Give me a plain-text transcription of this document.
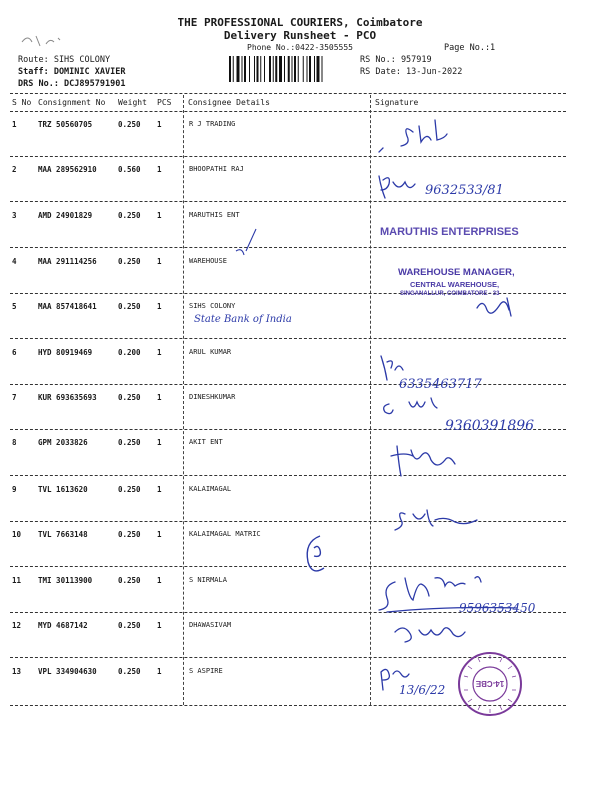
THE PROFESSIONAL COURIERS, Coimbatore
Delivery Runsheet - PCO
Phone No.:0422-3505555	Page No.:1
Route: SIHS COLONY
Staff: DOMINIC XAVIER
DRS No.: DCJ895791901
RS No.: 957919
RS Date: 13-Jun-2022
S No Consignment No Weight PCS Consignee Details	Signature
1	TRZ 50560705	0.250 1	R J TRADING
2	MAA 289562910	0.560 1	BHOOPATHI RAJ
3	AMD 24901829	0.250 1	MARUTHIS ENT
4	MAA 291114256	0.250 1	WAREHOUSE
5	MAA 857418641	0.250 1	SIHS COLONY
6	HYD 80919469	0.200 1	ARUL KUMAR
7	KUR 693635693	0.250 1	DINESHKUMAR
8	GPM 2033826	0.250 1	AKIT ENT
9	TVL 1613620	0.250 1	KALAIMAGAL
10 TVL 7663148	0.250 1	KALAIMAGAL MATRIC
11 TMI 30113900	0.250 1	S NIRMALA
12 MYD 4687142	0.250 1	DHAWASIVAM
13 VPL 334904630	0.250 1	S ASPIRE
9632533/81
6335463717
9360391896
9596353450
13/6/22
State Bank of India
MARUTHIS ENTERPRISES
WAREHOUSE MANAGER,
CENTRAL WAREHOUSE,
SINGANALLUR, COIMBATORE - 33
14-CBE
